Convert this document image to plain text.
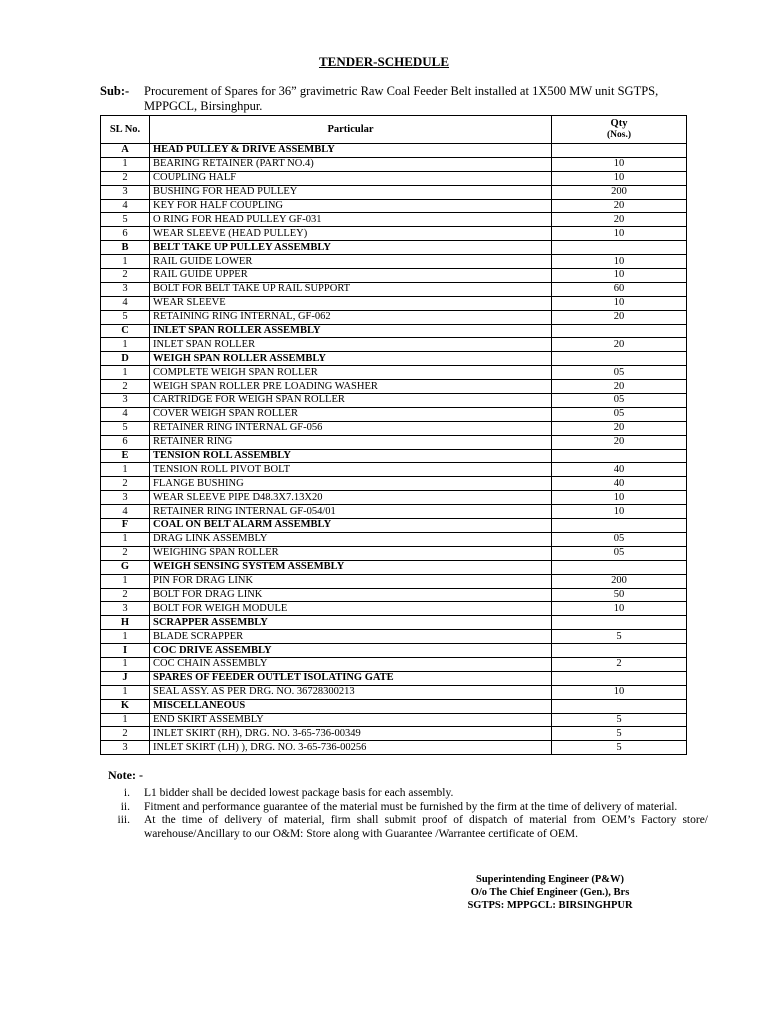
TENDER-SCHEDULE
Sub:- Procurement of Spares for 36” gravimetric Raw Coal Feeder Belt installed at 1X500 MW unit SGTPS, MPPGCL, Birsinghpur.
SL No.	Particular	Qty
(Nos.)

A	HEAD PULLEY & DRIVE ASSEMBLY	
1	BEARING RETAINER (PART NO.4)	10
2	COUPLING HALF	10
3	BUSHING FOR HEAD PULLEY	200
4	KEY FOR HALF COUPLING	20
5	O RING FOR HEAD PULLEY GF-031	20
6	WEAR SLEEVE (HEAD PULLEY)	10
B	BELT TAKE UP PULLEY ASSEMBLY	
1	RAIL GUIDE LOWER	10
2	RAIL GUIDE UPPER	10
3	BOLT FOR BELT TAKE UP RAIL SUPPORT	60
4	WEAR SLEEVE	10
5	RETAINING RING INTERNAL, GF-062	20
C	INLET SPAN ROLLER ASSEMBLY	
1	INLET SPAN ROLLER	20
D	WEIGH SPAN ROLLER ASSEMBLY	
1	COMPLETE WEIGH SPAN ROLLER	05
2	WEIGH SPAN ROLLER PRE LOADING WASHER	20
3	CARTRIDGE FOR WEIGH SPAN ROLLER	05
4	COVER WEIGH SPAN ROLLER	05
5	RETAINER RING INTERNAL GF-056	20
6	RETAINER RING	20
E	TENSION ROLL ASSEMBLY	
1	TENSION ROLL PIVOT BOLT	40
2	FLANGE BUSHING	40
3	WEAR SLEEVE PIPE D48.3X7.13X20	10
4	RETAINER RING INTERNAL GF-054/01	10
F	COAL ON BELT ALARM ASSEMBLY	
1	DRAG LINK ASSEMBLY	05
2	WEIGHING SPAN ROLLER	05
G	WEIGH SENSING SYSTEM ASSEMBLY	
1	PIN FOR DRAG LINK	200
2	BOLT FOR DRAG LINK	50
3	BOLT FOR WEIGH MODULE	10
H	SCRAPPER ASSEMBLY	
1	BLADE SCRAPPER	5
I	COC DRIVE ASSEMBLY	
1	COC CHAIN ASSEMBLY	2
J	SPARES OF FEEDER OUTLET ISOLATING GATE	
1	SEAL ASSY. AS PER DRG. NO. 36728300213	10
K	MISCELLANEOUS	
1	END SKIRT ASSEMBLY	5
2	INLET SKIRT (RH), DRG. NO. 3-65-736-00349	5
3	INLET SKIRT (LH) ), DRG. NO. 3-65-736-00256	5
Note: -
i. L1 bidder shall be decided lowest package basis for each assembly.
ii. Fitment and performance guarantee of the material must be furnished by the firm at the time of delivery of material.
iii. At the time of delivery of material, firm shall submit proof of dispatch of material from OEM’s Factory store/ warehouse/Ancillary to our O&M: Store along with Guarantee /Warrantee certificate of OEM.
Superintending Engineer (P&W)
O/o The Chief Engineer (Gen.), Brs
SGTPS: MPPGCL: BIRSINGHPUR
